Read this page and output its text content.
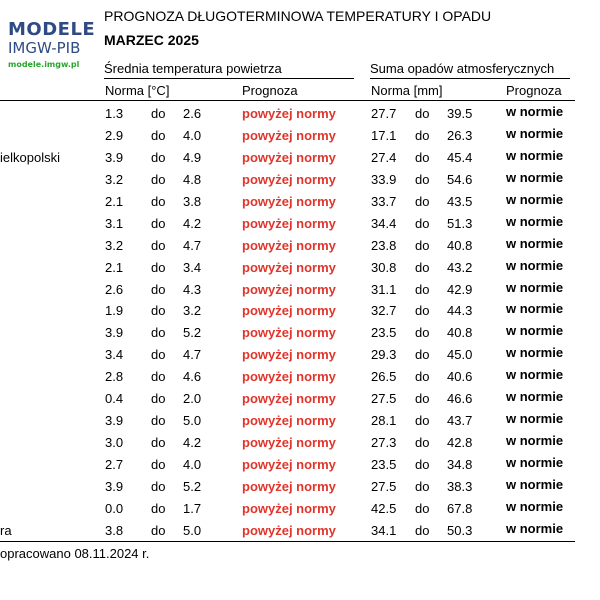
MODELE
IMGW-PIB
modele.imgw.pl
PROGNOZA DŁUGOTERMINOWA TEMPERATURY I OPADU
MARZEC 2025
Średnia temperatura powietrza	Suma opadów atmosferycznych
Norma [°C]	Prognoza	Norma [mm]	Prognoza
1.3 do 2.6	powyżej normy	27.7 do 39.5	w normie
2.9 do 4.0	powyżej normy	17.1 do 26.3	w normie
ielkopolski	3.9 do 4.9	powyżej normy	27.4 do 45.4	w normie
3.2 do 4.8	powyżej normy	33.9 do 54.6	w normie
2.1 do 3.8	powyżej normy	33.7 do 43.5	w normie
3.1 do 4.2	powyżej normy	34.4 do 51.3	w normie
3.2 do 4.7	powyżej normy	23.8 do 40.8	w normie
2.1 do 3.4	powyżej normy	30.8 do 43.2	w normie
2.6 do 4.3	powyżej normy	31.1 do 42.9	w normie
1.9 do 3.2	powyżej normy	32.7 do 44.3	w normie
3.9 do 5.2	powyżej normy	23.5 do 40.8	w normie
3.4 do 4.7	powyżej normy	29.3 do 45.0	w normie
2.8 do 4.6	powyżej normy	26.5 do 40.6	w normie
0.4 do 2.0	powyżej normy	27.5 do 46.6	w normie
3.9 do 5.0	powyżej normy	28.1 do 43.7	w normie
3.0 do 4.2	powyżej normy	27.3 do 42.8	w normie
2.7 do 4.0	powyżej normy	23.5 do 34.8	w normie
3.9 do 5.2	powyżej normy	27.5 do 38.3	w normie
0.0 do 1.7	powyżej normy	42.5 do 67.8	w normie
ra	3.8 do 5.0	powyżej normy	34.1 do 50.3	w normie
opracowano 08.11.2024 r.
